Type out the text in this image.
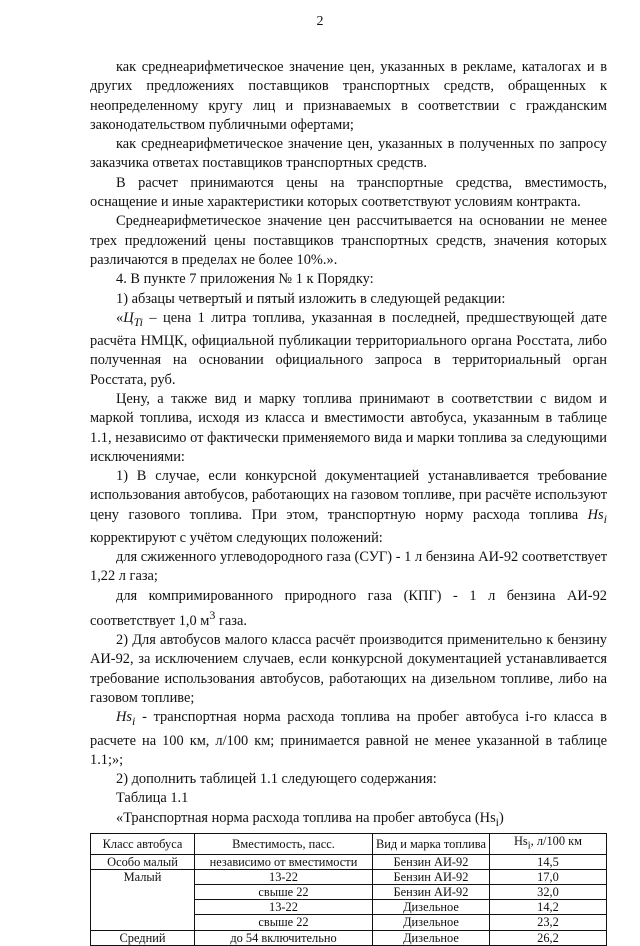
2

как среднеарифметическое значение цен, указанных в рекламе, каталогах и в других предложениях поставщиков транспортных средств, обращенных к неопределенному кругу лиц и признаваемых в соответствии с гражданским законодательством публичными офертами;

как среднеарифметическое значение цен, указанных в полученных по запросу заказчика ответах поставщиков транспортных средств.

В расчет принимаются цены на транспортные средства, вместимость, оснащение и иные характеристики которых соответствуют условиям контракта.

Среднеарифметическое значение цен рассчитывается на основании не менее трех предложений цены поставщиков транспортных средств, значения которых различаются в пределах не более 10%.».

4. В пункте 7 приложения № 1 к Порядку:

1) абзацы четвертый и пятый изложить в следующей редакции:

«$Ц_{Ti}$ – цена 1 литра топлива, указанная в последней, предшествующей дате расчёта НМЦК, официальной публикации территориального органа Росстата, либо полученная на основании официального запроса в территориальный орган Росстата, руб.

Цену, а также вид и марку топлива принимают в соответствии с видом и маркой топлива, исходя из класса и вместимости автобуса, указанным в таблице 1.1, независимо от фактически применяемого вида и марки топлива за следующими исключениями:

1) В случае, если конкурсной документацией устанавливается требование использования автобусов, работающих на газовом топливе, при расчёте используют цену газового топлива. При этом, транспортную норму расхода топлива $Hs_i$ корректируют с учётом следующих положений:

для сжиженного углеводородного газа (СУГ) - 1 л бензина АИ-92 соответствует 1,22 л газа;

для компримированного природного газа (КПГ) - 1 л бензина АИ-92 соответствует 1,0 $м^3$ газа.

2) Для автобусов малого класса расчёт производится применительно к бензину АИ-92, за исключением случаев, если конкурсной документацией устанавливается требование использования автобусов, работающих на дизельном топливе, либо на газовом топливе;

$Hs_i$ - транспортная норма расхода топлива на пробег автобуса i-го класса в расчете на 100 км, л/100 км; принимается равной не менее указанной в таблице 1.1;»;

2) дополнить таблицей 1.1 следующего содержания:

Таблица 1.1

«Транспортная норма расхода топлива на пробег автобуса $(Hs_i)$

Класс автобуса	Вместимость, пасс.	Вид и марка топлива	$Hs_i$, л/100 км
Особо малый	независимо от вместимости	Бензин АИ-92	14,5
Малый	13-22	Бензин АИ-92	17,0
	свыше 22	Бензин АИ-92	32,0
	13-22	Дизельное	14,2
	свыше 22	Дизельное	23,2
Средний	до 54 включительно	Дизельное	26,2
